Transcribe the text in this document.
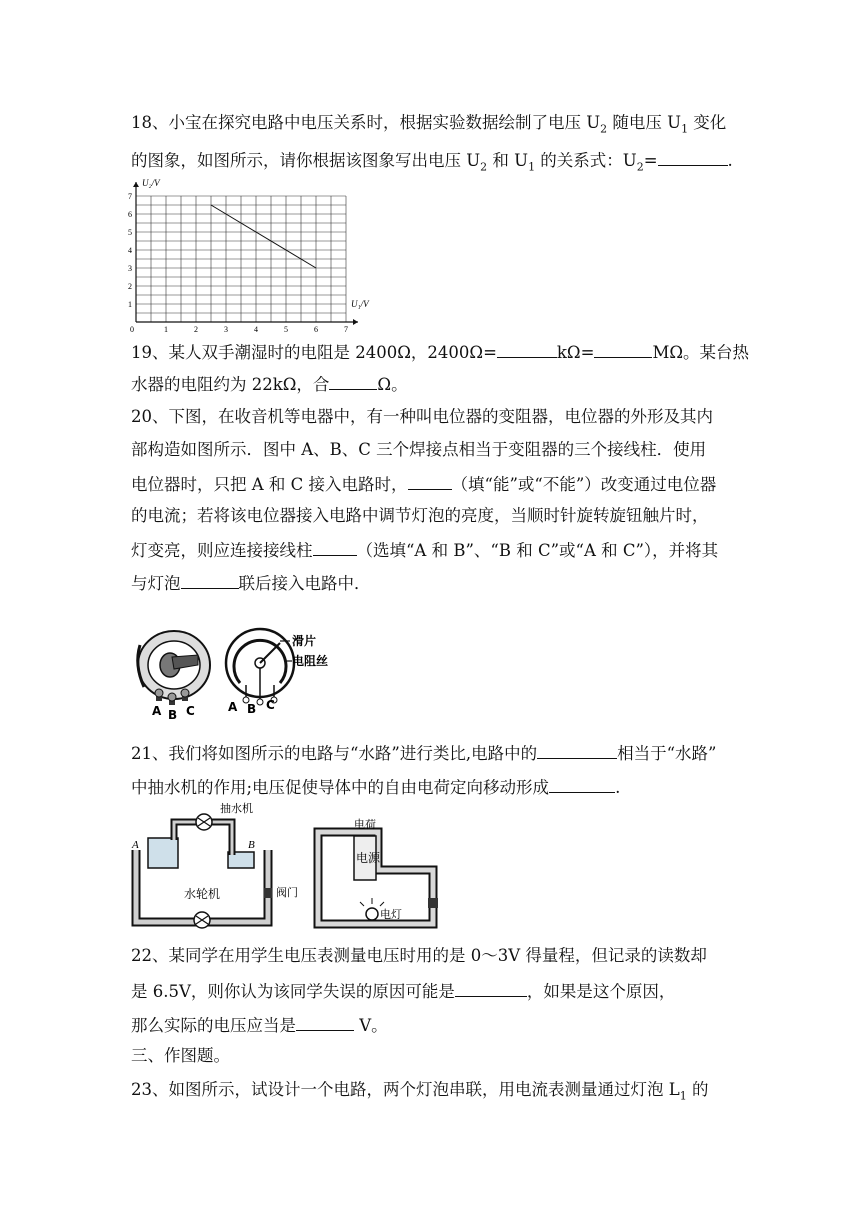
18、小宝在探究电路中电压关系时，根据实验数据绘制了电压 $U_2$ 随电压 $U_1$ 变化
的图象，如图所示，请你根据该图象写出电压 $U_2$ 和 $U_1$ 的关系式：$U_2=$	.
0	1	2	3	4	5	6	7
1
2
3
4
5
6
7
U₂/V
U₁/V
19、某人双手潮湿时的电阻是 2400Ω，2400Ω=	kΩ=	MΩ。某台热
水器的电阻约为 22kΩ，合	Ω。
20、下图，在收音机等电器中，有一种叫电位器的变阻器，电位器的外形及其内
部构造如图所示．图中 A、B、C 三个焊接点相当于变阻器的三个接线柱．使用
电位器时，只把 A 和 C 接入电路时，	（填“能”或“不能”）改变通过电位器
的电流；若将该电位器接入电路中调节灯泡的亮度，当顺时针旋转旋钮触片时，
灯变亮，则应连接接线柱	（选填“A 和 B”、“B 和 C”或“A 和 C”），并将其
与灯泡	联后接入电路中．
A B C
滑片
电阻丝
A B C
21、我们将如图所示的电路与“水路”进行类比,电路中的	相当于“水路”
中抽水机的作用;电压促使导体中的自由电荷定向移动形成	.
抽水机
A	B
水轮机	阀门
电荷
电源
电灯
22、某同学在用学生电压表测量电压时用的是 0～3V 得量程，但记录的读数却
是 6.5V，则你认为该同学失误的原因可能是	，如果是这个原因，
那么实际的电压应当是	V。
三、作图题。
23、如图所示，试设计一个电路，两个灯泡串联，用电流表测量通过灯泡 $L_1$ 的
